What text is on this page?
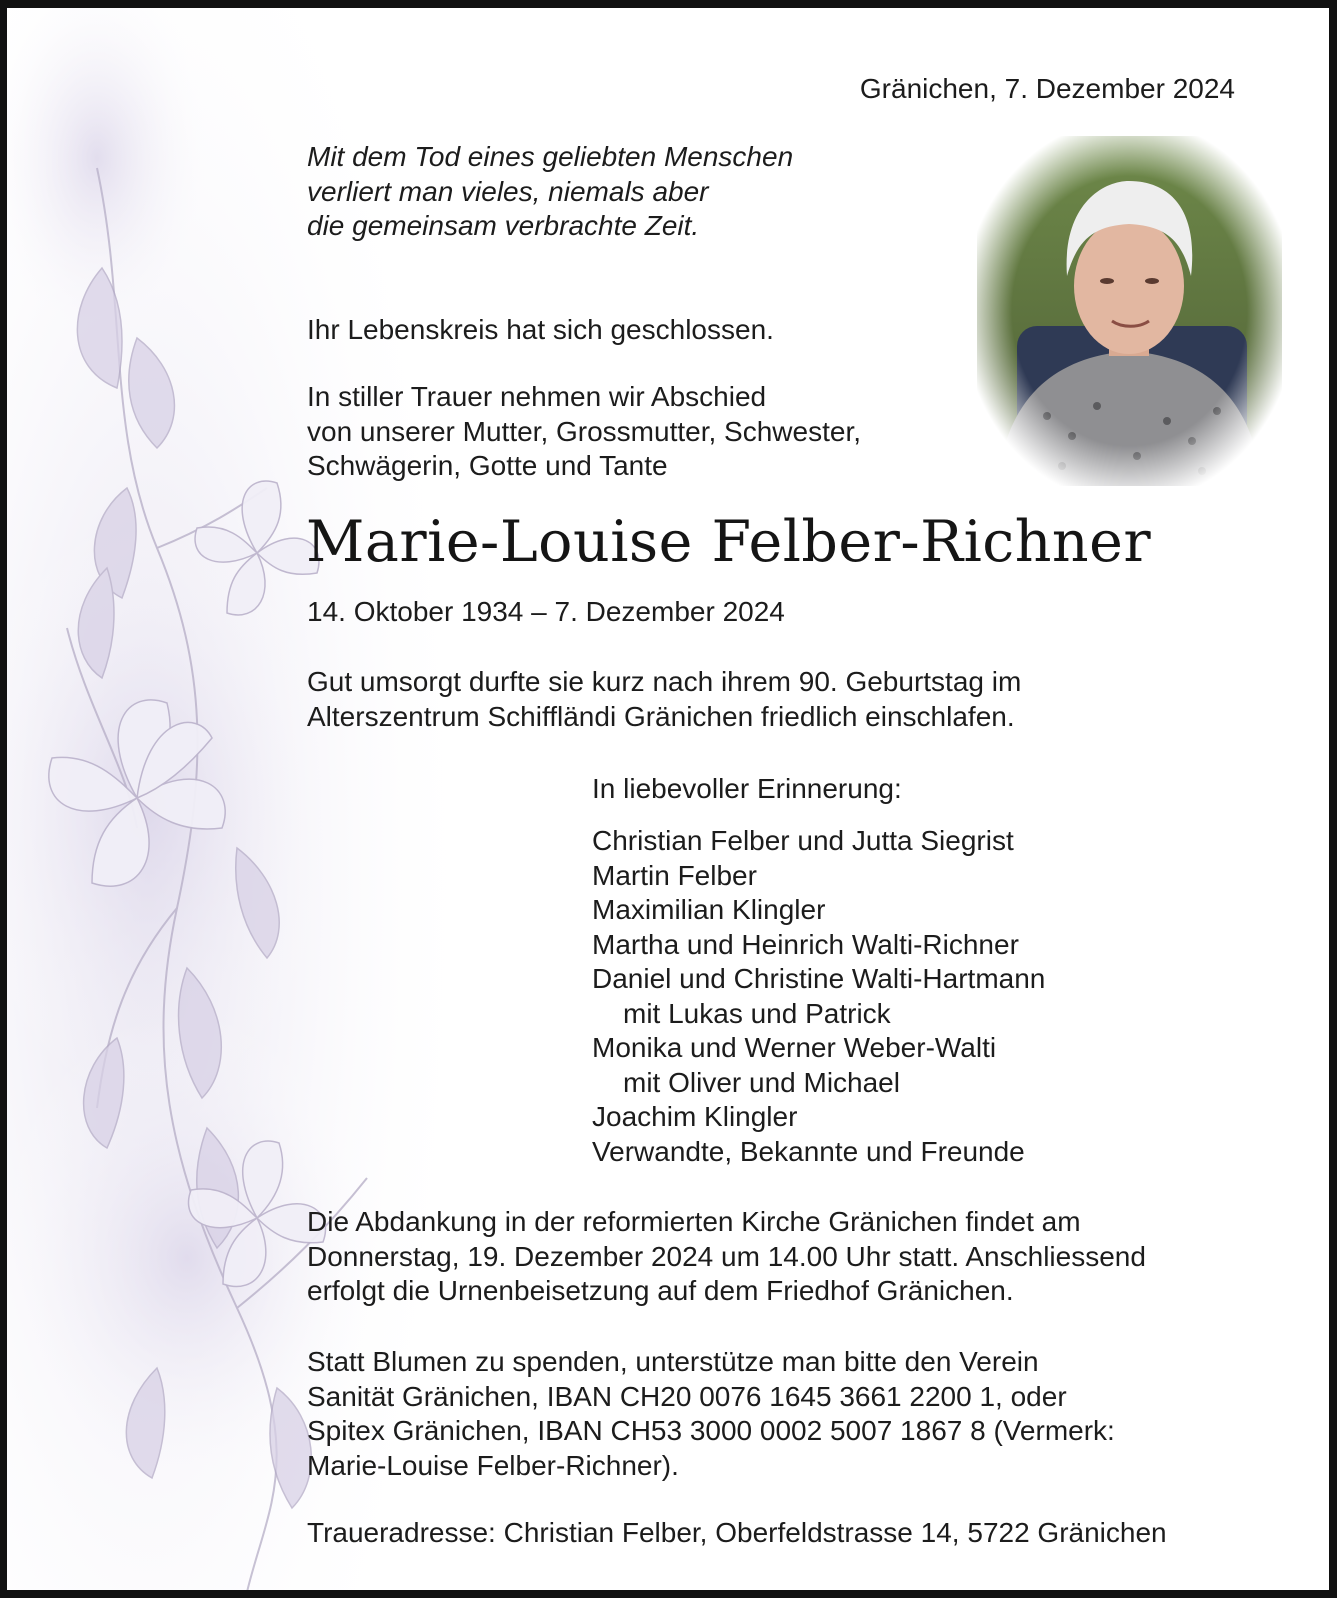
Gränichen, 7. Dezember 2024

Mit dem Tod eines geliebten Menschen
verliert man vieles, niemals aber
die gemeinsam verbrachte Zeit.

Ihr Lebenskreis hat sich geschlossen.

In stiller Trauer nehmen wir Abschied
von unserer Mutter, Grossmutter, Schwester,
Schwägerin, Gotte und Tante
Marie-Louise Felber-Richner

14. Oktober 1934 – 7. Dezember 2024

Gut umsorgt durfte sie kurz nach ihrem 90. Geburtstag im
Alterszentrum Schiffländi Gränichen friedlich einschlafen.

In liebevoller Erinnerung:

Christian Felber und Jutta Siegrist
Martin Felber
Maximilian Klingler
Martha und Heinrich Walti-Richner
Daniel und Christine Walti-Hartmann
mit Lukas und Patrick
Monika und Werner Weber-Walti
mit Oliver und Michael
Joachim Klingler
Verwandte, Bekannte und Freunde
Die Abdankung in der reformierten Kirche Gränichen findet am
Donnerstag, 19. Dezember 2024 um 14.00 Uhr statt. Anschliessend
erfolgt die Urnenbeisetzung auf dem Friedhof Gränichen.
Statt Blumen zu spenden, unterstütze man bitte den Verein
Sanität Gränichen, IBAN CH20 0076 1645 3661 2200 1, oder
Spitex Gränichen, IBAN CH53 3000 0002 5007 1867 8 (Vermerk:
Marie-Louise Felber-Richner).

Traueradresse: Christian Felber, Oberfeldstrasse 14, 5722 Gränichen
